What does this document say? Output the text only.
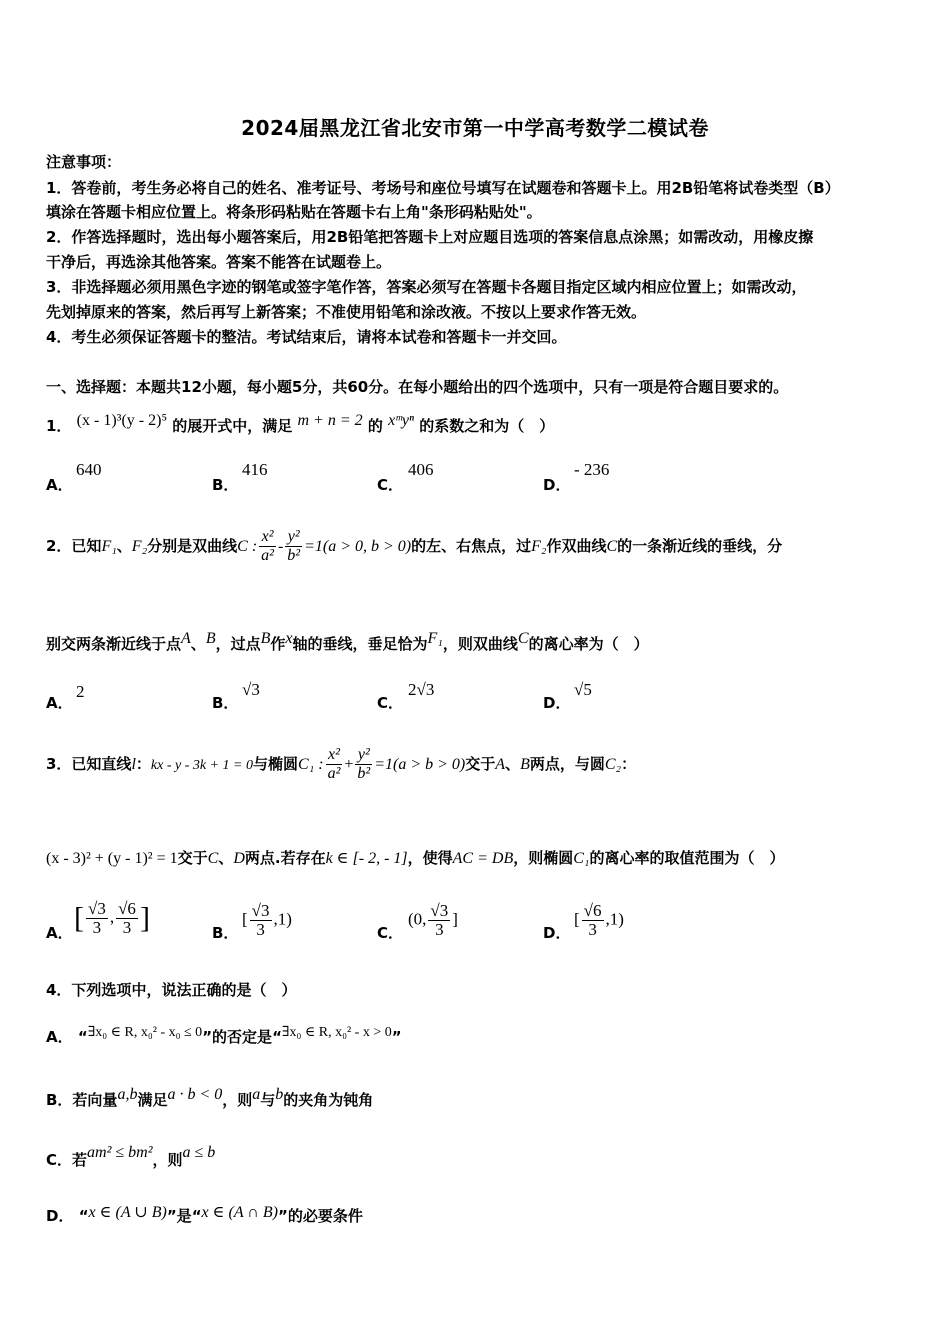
2024届黑龙江省北安市第一中学高考数学二模试卷
注意事项：
1．答卷前，考生务必将自己的姓名、准考证号、考场号和座位号填写在试题卷和答题卡上。用2B铅笔将试卷类型（B）
填涂在答题卡相应位置上。将条形码粘贴在答题卡右上角"条形码粘贴处"。
2．作答选择题时，选出每小题答案后，用2B铅笔把答题卡上对应题目选项的答案信息点涂黑；如需改动，用橡皮擦
干净后，再选涂其他答案。答案不能答在试题卷上。
3．非选择题必须用黑色字迹的钢笔或签字笔作答，答案必须写在答题卡各题目指定区域内相应位置上；如需改动，
先划掉原来的答案，然后再写上新答案；不准使用铅笔和涂改液。不按以上要求作答无效。
4．考生必须保证答题卡的整洁。考试结束后，请将本试卷和答题卡一并交回。
一、选择题：本题共12小题，每小题5分，共60分。在每小题给出的四个选项中，只有一项是符合题目要求的。
1． (x - 1)³(y - 2)⁵ 的展开式中，满足 m + n = 2 的 xᵐyⁿ 的系数之和为（　）
A．
640
B．
416
C．
406
D．
- 236
2．已知F₁、F₂分别是双曲线C : $\frac{\text{x²}}{\text{a²}} - \frac{\text{y²}}{\text{b²}} =1(a > 0$, b > 0)的左、右焦点，过F₂作双曲线C的一条渐近线的垂线，分
别交两条渐近线于点A、B，过点B作x轴的垂线，垂足恰为F₁，则双曲线C的离心率为（　）
A．
2
B．
√3
C．
2√3
D．
√5
3．已知直线l：kx - y - 3k + 1 = 0与椭圆C₁ : $\frac{\text{x²}}{\text{a²}} + \frac{\text{y²}}{\text{b²}} =1(a > b > 0)$交于A、B两点，与圆C₂：
(x - 3)² + (y - 1)² = 1交于C、D两点.若存在k ∈ [- 2, - 1]，使得AC = DB，则椭圆C₁的离心率的取值范围为（　）
A． [ $\frac{√3}{3}$ , $\frac{√6}{3}$ ]	B．
[ $\frac{√3}{3} ,1$)
C．
(0, $\frac{√3}{3}$ ]
D．
[ $\frac{√6}{3} ,1$)
4．下列选项中，说法正确的是（　）
A． “∃x₀ ∈ R, x₀² - x₀ ≤ 0”的否定是“∃x₀ ∈ R, x₀² - x > 0”
B．若向量a,b满足a · b < 0，则a与b的夹角为钝角
C．若am² ≤ bm²，则a ≤ b
D． “x ∈ (A ∪ B)”是“x ∈ (A ∩ B)”的必要条件
